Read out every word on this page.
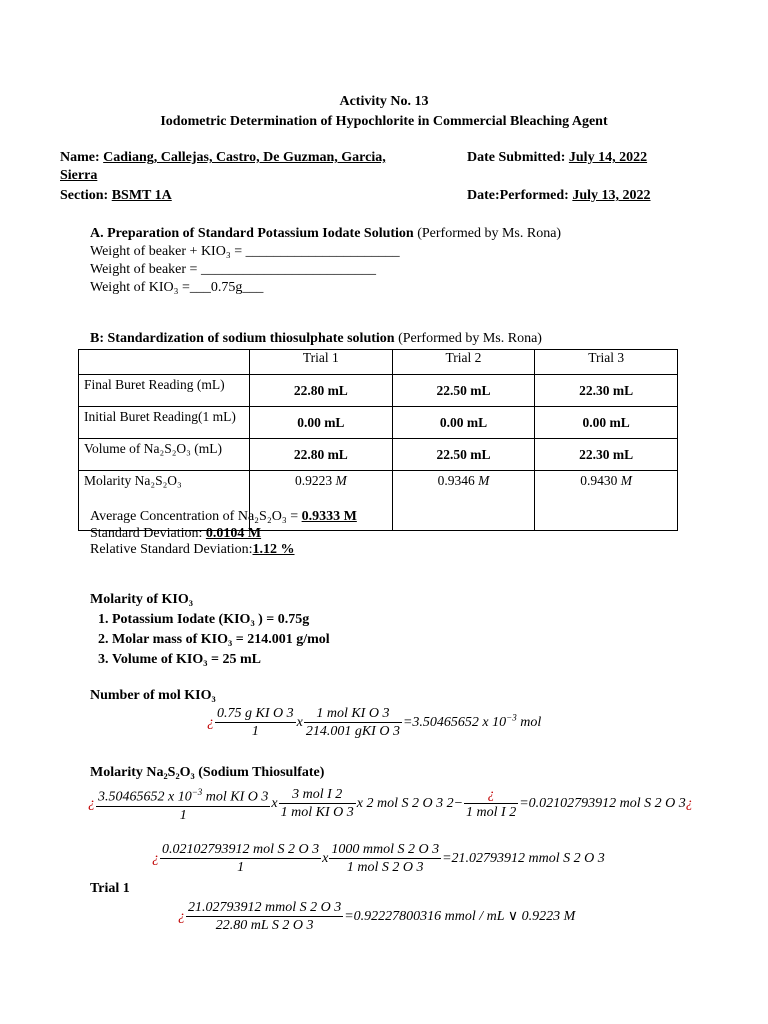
Activity No. 13
Iodometric Determination of Hypochlorite in Commercial Bleaching Agent
Name: Cadiang, Callejas, Castro, De Guzman, Garcia,
Sierra
Date Submitted: July 14, 2022
Section: BSMT 1A	Date:Performed: July 13, 2022
A. Preparation of Standard Potassium Iodate Solution (Performed by Ms. Rona)
Weight of beaker + KIO₃ = ______________________
Weight of beaker = _________________________
Weight of KIO₃ =___0.75g___
B: Standardization of sodium thiosulphate solution (Performed by Ms. Rona)
	Trial 1	Trial 2	Trial 3
Final Buret Reading (mL)	22.80 mL	22.50 mL	22.30 mL
Initial Buret Reading(1 mL)	0.00 mL	0.00 mL	0.00 mL
Volume of Na₂S₂O₃ (mL)	22.80 mL	22.50 mL	22.30 mL
Molarity Na₂S₂O₃	0.9223 M	0.9346 M	0.9430 M
Average Concentration of Na₂S₂O₃ = 0.9333 M
Standard Deviation: 0.0104 M
Relative Standard Deviation:1.12 %
Molarity of KIO₃
1. Potassium Iodate (KIO₃ ) = 0.75g
2. Molar mass of KIO₃ = 214.001 g/mol
3. Volume of KIO₃ = 25 mL
Number of mol KIO₃
¿ $\frac{\text{0.75 g KI O 3}}{1}$ x $\frac{\text{1 mol KI O 3}}{\text{214.001 gKI O 3}} =3.50465652$ x $10^{-3}$ mol
Molarity Na₂S₂O₃ (Sodium Thiosulfate)
¿ $\frac{3.50465652 x 10^{-3} mol KI O 3}{1}$ x $\frac{\text{3 mol I 2}}{\text{1 mol KI O 3}}$ x 2 mol S 2 O 3 $2- \frac{¿}{\text{1 mol I 2}} =0.02102793912$ mol S 2 O 3¿
¿ $\frac{\text{0.02102793912 mol S 2 O 3}}{1}$ x $\frac{\text{1000 mmol S 2 O 3}}{\text{1 mol S 2 O 3}} =21.02793912$ mmol S 2 O 3
Trial 1
¿ $\frac{\text{21.02793912 mmol S 2 O 3}}{\text{22.80 mL S 2 O 3}} =0.92227800316$ mmol / mL ∨ 0.9223 M
